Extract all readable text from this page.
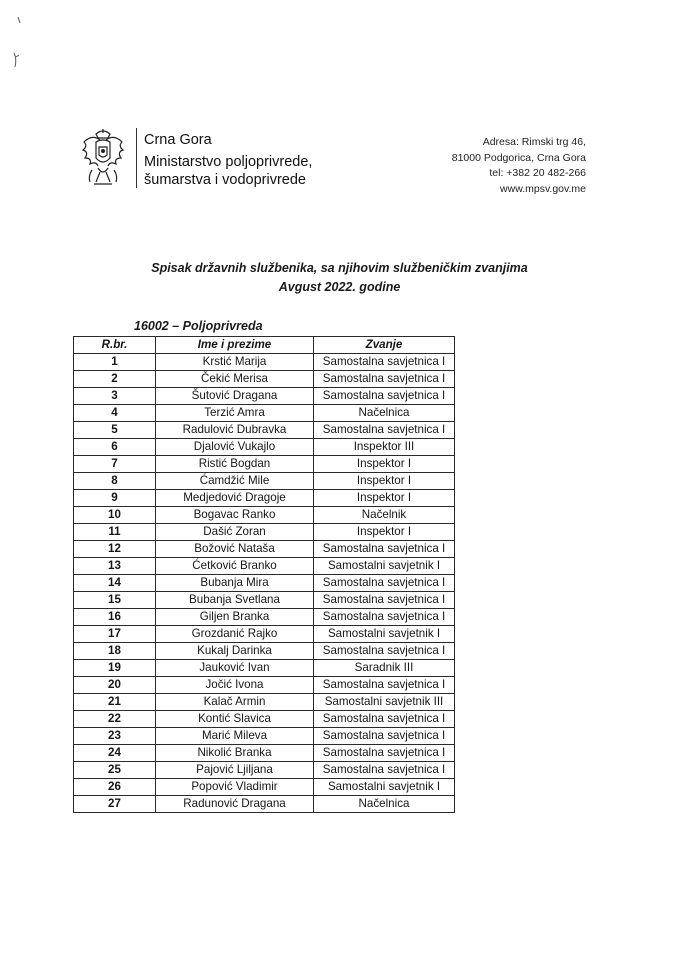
Crna Gora
Ministarstvo poljoprivrede,
šumarstva i vodoprivrede
Adresa: Rimski trg 46,
81000 Podgorica, Crna Gora
tel: +382 20 482-266
www.mpsv.gov.me
Spisak državnih službenika, sa njihovim službeničkim zvanjima
Avgust 2022. godine
16002 – Poljoprivreda
R.br.	Ime i prezime	Zvanje
1	Krstić Marija	Samostalna savjetnica I
2	Čekić Merisa	Samostalna savjetnica I
3	Šutović Dragana	Samostalna savjetnica I
4	Terzić Amra	Načelnica
5	Radulović Dubravka	Samostalna savjetnica I
6	Djalović Vukajlo	Inspektor III
7	Ristić Bogdan	Inspektor I
8	Ćamdžić Mile	Inspektor I
9	Medjedović Dragoje	Inspektor I
10	Bogavac Ranko	Načelnik
11	Dašić Zoran	Inspektor I
12	Božović Nataša	Samostalna savjetnica I
13	Ćetković Branko	Samostalni savjetnik I
14	Bubanja Mira	Samostalna savjetnica I
15	Bubanja Svetlana	Samostalna savjetnica I
16	Giljen Branka	Samostalna savjetnica I
17	Grozdanić Rajko	Samostalni savjetnik I
18	Kukalj Darinka	Samostalna savjetnica I
19	Jauković Ivan	Saradnik III
20	Jočić Ivona	Samostalna savjetnica I
21	Kalač Armin	Samostalni savjetnik III
22	Kontić Slavica	Samostalna savjetnica I
23	Marić Mileva	Samostalna savjetnica I
24	Nikolić Branka	Samostalna savjetnica I
25	Pajović Ljiljana	Samostalna savjetnica I
26	Popović Vladimir	Samostalni savjetnik I
27	Radunović Dragana	Načelnica
